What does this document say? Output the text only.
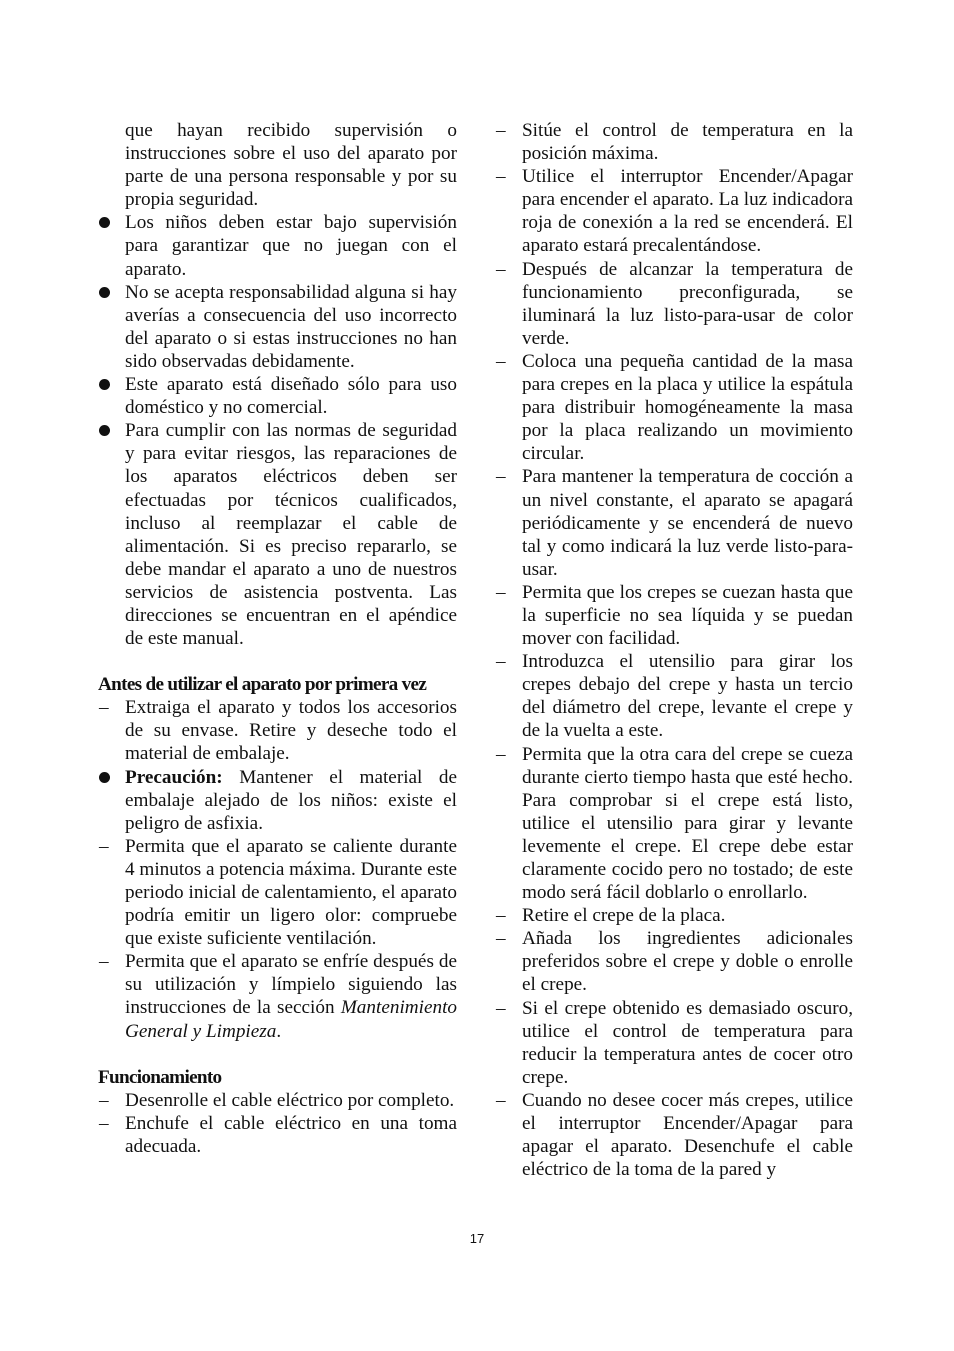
que hayan recibido supervisión o instrucciones sobre el uso del aparato por parte de una persona responsable y por su propia seguridad.
Los niños deben estar bajo supervisión para garantizar que no juegan con el aparato.
No se acepta responsabilidad alguna si hay averías a consecuencia del uso incorrecto del aparato o si estas instrucciones no han sido observadas debidamente.
Este aparato está diseñado sólo para uso doméstico y no comercial.
Para cumplir con las normas de seguridad y para evitar riesgos, las reparaciones de los aparatos eléctricos deben ser efectuadas por técnicos cualificados, incluso al reemplazar el cable de alimentación. Si es preciso repararlo, se debe mandar el aparato a uno de nuestros servicios de asistencia postventa. Las direcciones se encuentran en el apéndice de este manual.
Antes de utilizar el aparato por primera vez
– Extraiga el aparato y todos los accesorios de su envase. Retire y deseche todo el material de embalaje.
Precaución: Mantener el material de embalaje alejado de los niños: existe el peligro de asfixia.
– Permita que el aparato se caliente durante 4 minutos a potencia máxima. Durante este periodo inicial de calentamiento, el aparato podría emitir un ligero olor: compruebe que existe suficiente ventilación.
– Permita que el aparato se enfríe después de su utilización y límpielo siguiendo las instrucciones de la sección Mantenimiento General y Limpieza.
Funcionamiento
– Desenrolle el cable eléctrico por completo.
– Enchufe el cable eléctrico en una toma adecuada.
– Sitúe el control de temperatura en la posición máxima.
– Utilice el interruptor Encender/Apagar para encender el aparato. La luz indicadora roja de conexión a la red se encenderá. El aparato estará precalentándose.
– Después de alcanzar la temperatura de funcionamiento preconfigurada, se iluminará la luz listo-para-usar de color verde.
– Coloca una pequeña cantidad de la masa para crepes en la placa y utilice la espátula para distribuir homogéneamente la masa por la placa realizando un movimiento circular.
– Para mantener la temperatura de cocción a un nivel constante, el aparato se apagará periódicamente y se encenderá de nuevo tal y como indicará la luz verde listo-para-usar.
– Permita que los crepes se cuezan hasta que la superficie no sea líquida y se puedan mover con facilidad.
– Introduzca el utensilio para girar los crepes debajo del crepe y hasta un tercio del diámetro del crepe, levante el crepe y de la vuelta a este.
– Permita que la otra cara del crepe se cueza durante cierto tiempo hasta que esté hecho. Para comprobar si el crepe está listo, utilice el utensilio para girar y levante levemente el crepe. El crepe debe estar claramente cocido pero no tostado; de este modo será fácil doblarlo o enrollarlo.
– Retire el crepe de la placa.
– Añada los ingredientes adicionales preferidos sobre el crepe y doble o enrolle el crepe.
– Si el crepe obtenido es demasiado oscuro, utilice el control de temperatura para reducir la temperatura antes de cocer otro crepe.
– Cuando no desee cocer más crepes, utilice el interruptor Encender/Apagar para apagar el aparato. Desenchufe el cable eléctrico de la toma de la pared y
17
